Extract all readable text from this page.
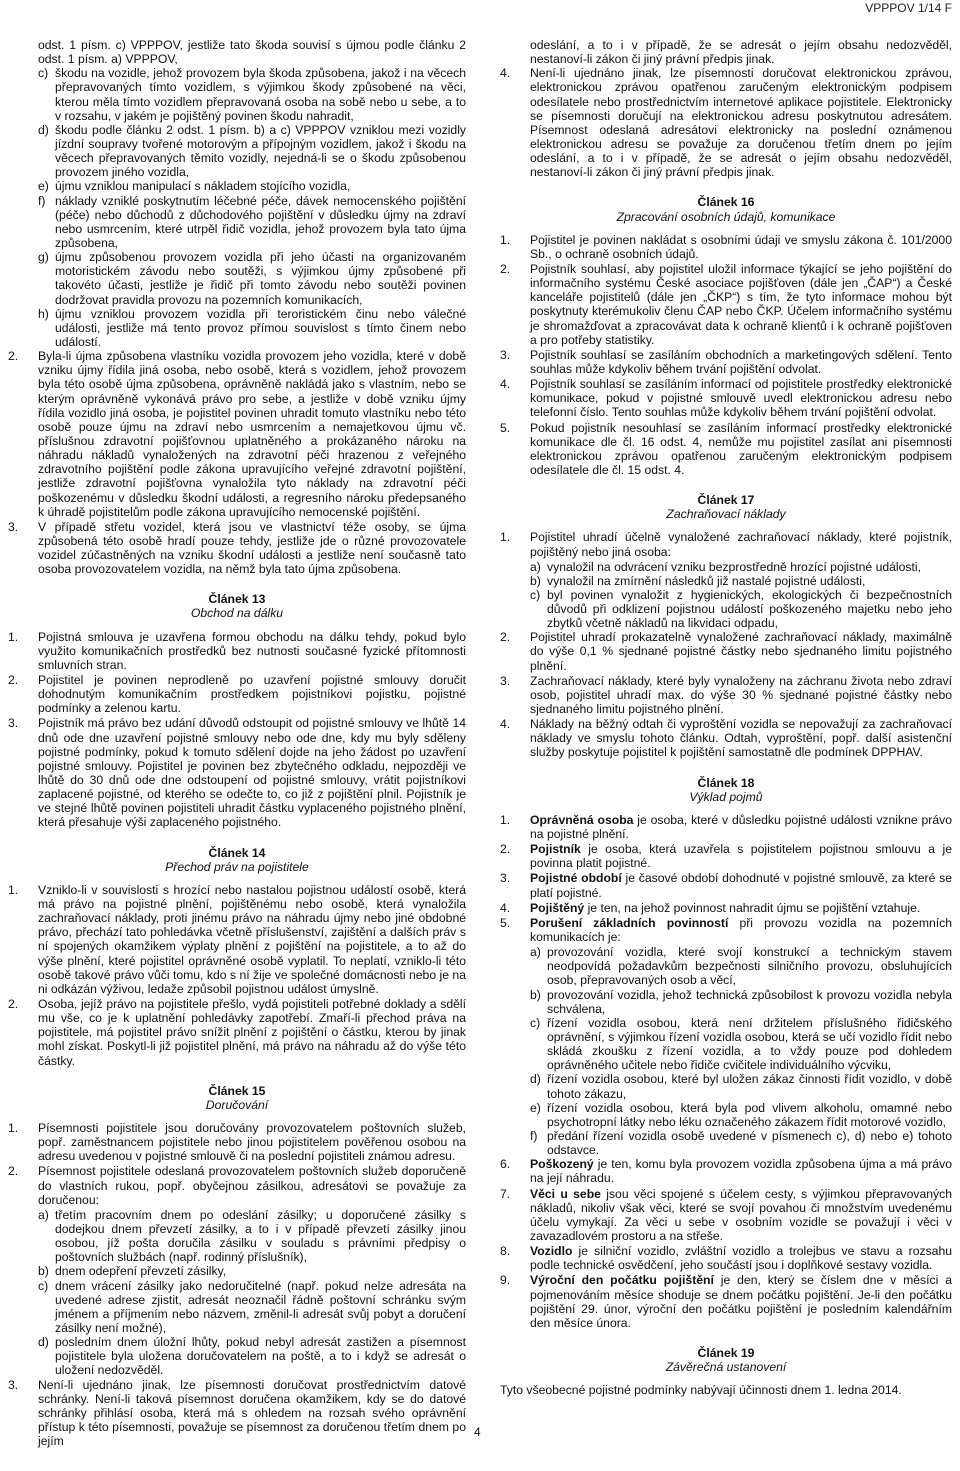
VPPPOV 1/14 F

odst. 1 písm. c) VPPPOV, jestliže tato škoda souvisí s újmou podle článku 2 odst. 1 písm. a) VPPPOV,

c) škodu na vozidle, jehož provozem byla škoda způsobena, jakož i na věcech přepravovaných tímto vozidlem, s výjimkou škody způsobené na věci, kterou měla tímto vozidlem přepravovaná osoba na sobě nebo u sebe, a to v rozsahu, v jakém je pojištěný povinen škodu nahradit,
d) škodu podle článku 2 odst. 1 písm. b) a c) VPPPOV vzniklou mezi vozidly jízdní soupravy tvořené motorovým a přípojným vozidlem, jakož i škodu na věcech přepravovaných těmito vozidly, nejedná-li se o škodu způsobenou provozem jiného vozidla,
e) újmu vzniklou manipulací s nákladem stojícího vozidla,
f) náklady vzniklé poskytnutím léčebné péče, dávek nemocenského pojištění (péče) nebo důchodů z důchodového pojištění v důsledku újmy na zdraví nebo usmrcením, které utrpěl řidič vozidla, jehož provozem byla tato újma způsobena,
g) újmu způsobenou provozem vozidla při jeho účasti na organizovaném motoristickém závodu nebo soutěži, s výjimkou újmy způsobené při takovéto účasti, jestliže je řidič při tomto závodu nebo soutěži povinen dodržovat pravidla provozu na pozemních komunikacích,
h) újmu vzniklou provozem vozidla při teroristickém činu nebo válečné události, jestliže má tento provoz přímou souvislost s tímto činem nebo událostí.
2. Byla-li újma způsobena vlastníku vozidla provozem jeho vozidla, které v době vzniku újmy řídila jiná osoba, nebo osobě, která s vozidlem, jehož provozem byla této osobě újma způsobena, oprávněně nakládá jako s vlastním, nebo se kterým oprávněně vykonává právo pro sebe, a jestliže v době vzniku újmy řídila vozidlo jiná osoba, je pojistitel povinen uhradit tomuto vlastníku nebo této osobě pouze újmu na zdraví nebo usmrcením a nemajetkovou újmu vč. příslušnou zdravotní pojišťovnou uplatněného a prokázaného nároku na náhradu nákladů vynaložených na zdravotní péči hrazenou z veřejného zdravotního pojištění podle zákona upravujícího veřejné zdravotní pojištění, jestliže zdravotní pojišťovna vynaložila tyto náklady na zdravotní péči poškozenému v důsledku škodní události, a regresního nároku předepsaného k úhradě pojistitelům podle zákona upravujícího nemocenské pojištění.
3. V případě střetu vozidel, která jsou ve vlastnictví téže osoby, se újma způsobená této osobě hradí pouze tehdy, jestliže jde o různé provozovatele vozidel zúčastněných na vzniku škodní události a jestliže není současně tato osoba provozovatelem vozidla, na němž byla tato újma způsobena.
Článek 13
Obchod na dálku
1. Pojistná smlouva je uzavřena formou obchodu na dálku tehdy, pokud bylo využito komunikačních prostředků bez nutnosti současné fyzické přítomnosti smluvních stran.
2. Pojistitel je povinen neprodleně po uzavření pojistné smlouvy doručit dohodnutým komunikačním prostředkem pojistníkovi pojistku, pojistné podmínky a zelenou kartu.
3. Pojistník má právo bez udání důvodů odstoupit od pojistné smlouvy ve lhůtě 14 dnů ode dne uzavření pojistné smlouvy nebo ode dne, kdy mu byly sděleny pojistné podmínky, pokud k tomuto sdělení dojde na jeho žádost po uzavření pojistné smlouvy. Pojistitel je povinen bez zbytečného odkladu, nejpozději ve lhůtě do 30 dnů ode dne odstoupení od pojistné smlouvy, vrátit pojistníkovi zaplacené pojistné, od kterého se odečte to, co již z pojištění plnil. Pojistník je ve stejné lhůtě povinen pojistiteli uhradit částku vyplaceného pojistného plnění, která přesahuje výši zaplaceného pojistného.
Článek 14
Přechod práv na pojistitele
1. Vzniklo-li v souvislosti s hrozící nebo nastalou pojistnou událostí osobě, která má právo na pojistné plnění, pojištěnému nebo osobě, která vynaložila zachraňovací náklady, proti jinému právo na náhradu újmy nebo jiné obdobné právo, přechází tato pohledávka včetně příslušenství, zajištění a dalších práv s ní spojených okamžikem výplaty plnění z pojištění na pojistitele, a to až do výše plnění, které pojistitel oprávněné osobě vyplatil. To neplatí, vzniklo-li této osobě takové právo vůči tomu, kdo s ní žije ve společné domácnosti nebo je na ni odkázán výživou, ledaže způsobil pojistnou událost úmyslně.
2. Osoba, jejíž právo na pojistitele přešlo, vydá pojistiteli potřebné doklady a sdělí mu vše, co je k uplatnění pohledávky zapotřebí. Zmaří-li přechod práva na pojistitele, má pojistitel právo snížit plnění z pojištění o částku, kterou by jinak mohl získat. Poskytl-li již pojistitel plnění, má právo na náhradu až do výše této částky.
Článek 15
Doručování
1. Písemnosti pojistitele jsou doručovány provozovatelem poštovních služeb, popř. zaměstnancem pojistitele nebo jinou pojistitelem pověřenou osobou na adresu uvedenou v pojistné smlouvě či na poslední pojistiteli známou adresu.
2. Písemnost pojistitele odeslaná provozovatelem poštovních služeb doporučeně do vlastních rukou, popř. obyčejnou zásilkou, adresátovi se považuje za doručenou:
a) třetím pracovním dnem po odeslání zásilky; u doporučené zásilky s dodejkou dnem převzetí zásilky, a to i v případě převzetí zásilky jinou osobou, jíž pošta doručila zásilku v souladu s právními předpisy o poštovních službách (např. rodinný příslušník),
b) dnem odepření převzetí zásilky,
c) dnem vrácení zásilky jako nedoručitelné (např. pokud nelze adresáta na uvedené adrese zjistit, adresát neoznačil řádně poštovní schránku svým jménem a příjmením nebo názvem, změnil-li adresát svůj pobyt a doručení zásilky není možné),
d) posledním dnem úložní lhůty, pokud nebyl adresát zastižen a písemnost pojistitele byla uložena doručovatelem na poště, a to i když se adresát o uložení nedozvěděl.
3. Není-li ujednáno jinak, lze písemnosti doručovat prostřednictvím datové schránky. Není-li taková písemnost doručena okamžikem, kdy se do datové schránky přihlásí osoba, která má s ohledem na rozsah svého oprávnění přístup k této písemnosti, považuje se písemnost za doručenou třetím dnem po jejím

odeslání, a to i v případě, že se adresát o jejím obsahu nedozvěděl, nestanoví-li zákon či jiný právní předpis jinak.

4. Není-li ujednáno jinak, lze písemnosti doručovat elektronickou zprávou, elektronickou zprávou opatřenou zaručeným elektronickým podpisem odesílatele nebo prostřednictvím internetové aplikace pojistitele. Elektronicky se písemnosti doručují na elektronickou adresu poskytnutou adresátem. Písemnost odeslaná adresátovi elektronicky na poslední oznámenou elektronickou adresu se považuje za doručenou třetím dnem po jejím odeslání, a to i v případě, že se adresát o jejím obsahu nedozvěděl, nestanoví-li zákon či jiný právní předpis jinak.
Článek 16
Zpracování osobních údajů, komunikace
1. Pojistitel je povinen nakládat s osobními údaji ve smyslu zákona č. 101/2000 Sb., o ochraně osobních údajů.
2. Pojistník souhlasí, aby pojistitel uložil informace týkající se jeho pojištění do informačního systému České asociace pojišťoven (dále jen „ČAP“) a České kanceláře pojistitelů (dále jen „ČKP“) s tím, že tyto informace mohou být poskytnuty kterémukoliv členu ČAP nebo ČKP. Účelem informačního systému je shromažďovat a zpracovávat data k ochraně klientů i k ochraně pojišťoven a pro potřeby statistiky.
3. Pojistník souhlasí se zasíláním obchodních a marketingových sdělení. Tento souhlas může kdykoliv během trvání pojištění odvolat.
4. Pojistník souhlasí se zasíláním informací od pojistitele prostředky elektronické komunikace, pokud v pojistné smlouvě uvedl elektronickou adresu nebo telefonní číslo. Tento souhlas může kdykoliv během trvání pojištění odvolat.
5. Pokud pojistník nesouhlasí se zasíláním informací prostředky elektronické komunikace dle čl. 16 odst. 4, nemůže mu pojistitel zasílat ani písemnosti elektronickou zprávou opatřenou zaručeným elektronickým podpisem odesílatele dle čl. 15 odst. 4.
Článek 17
Zachraňovací náklady
1. Pojistitel uhradí účelně vynaložené zachraňovací náklady, které pojistník, pojištěný nebo jiná osoba:
a) vynaložil na odvrácení vzniku bezprostředně hrozící pojistné události,
b) vynaložil na zmírnění následků již nastalé pojistné události,
c) byl povinen vynaložit z hygienických, ekologických či bezpečnostních důvodů při odklizení pojistnou událostí poškozeného majetku nebo jeho zbytků včetně nákladů na likvidaci odpadu,
2. Pojistitel uhradí prokazatelně vynaložené zachraňovací náklady, maximálně do výše 0,1 % sjednané pojistné částky nebo sjednaného limitu pojistného plnění.
3. Zachraňovací náklady, které byly vynaloženy na záchranu života nebo zdraví osob, pojistitel uhradí max. do výše 30 % sjednané pojistné částky nebo sjednaného limitu pojistného plnění.
4. Náklady na běžný odtah či vyproštění vozidla se nepovažují za zachraňovací náklady ve smyslu tohoto článku. Odtah, vyproštění, popř. další asistenční služby poskytuje pojistitel k pojištění samostatně dle podmínek DPPHAV.
Článek 18
Výklad pojmů
1. Oprávněná osoba je osoba, které v důsledku pojistné události vznikne právo na pojistné plnění.
2. Pojistník je osoba, která uzavřela s pojistitelem pojistnou smlouvu a je povinna platit pojistné.
3. Pojistné období je časové období dohodnuté v pojistné smlouvě, za které se platí pojistné.
4. Pojištěný je ten, na jehož povinnost nahradit újmu se pojištění vztahuje.
5. Porušení základních povinností při provozu vozidla na pozemních komunikacích je:
a) provozování vozidla, které svojí konstrukcí a technickým stavem neodpovídá požadavkům bezpečnosti silničního provozu, obsluhujících osob, přepravovaných osob a věcí,
b) provozování vozidla, jehož technická způsobilost k provozu vozidla nebyla schválena,
c) řízení vozidla osobou, která není držitelem příslušného řidičského oprávnění, s výjimkou řízení vozidla osobou, která se učí vozidlo řídit nebo skládá zkoušku z řízení vozidla, a to vždy pouze pod dohledem oprávněného učitele nebo řidiče cvičitele individuálního výcviku,
d) řízení vozidla osobou, které byl uložen zákaz činnosti řídit vozidlo, v době tohoto zákazu,
e) řízení vozidla osobou, která byla pod vlivem alkoholu, omamné nebo psychotropní látky nebo léku označeného zákazem řídit motorové vozidlo,
f) předání řízení vozidla osobě uvedené v písmenech c), d) nebo e) tohoto odstavce.
6. Poškozený je ten, komu byla provozem vozidla způsobena újma a má právo na její náhradu.
7. Věci u sebe jsou věci spojené s účelem cesty, s výjimkou přepravovaných nákladů, nikoliv však věci, které se svojí povahou či množstvím uvedenému účelu vymykají. Za věci u sebe v osobním vozidle se považují i věci v zavazadlovém prostoru a na střeše.
8. Vozidlo je silniční vozidlo, zvláštní vozidlo a trolejbus ve stavu a rozsahu podle technické osvědčení, jeho součástí jsou i doplňkové sestavy vozidla.
9. Výroční den počátku pojištění je den, který se číslem dne v měsíci a pojmenováním měsíce shoduje se dnem počátku pojištění. Je-li den počátku pojištění 29. únor, výroční den počátku pojištění je posledním kalendářním den měsíce února.
Článek 19
Závěrečná ustanovení

Tyto všeobecné pojistné podmínky nabývají účinnosti dnem 1. ledna 2014.

4
